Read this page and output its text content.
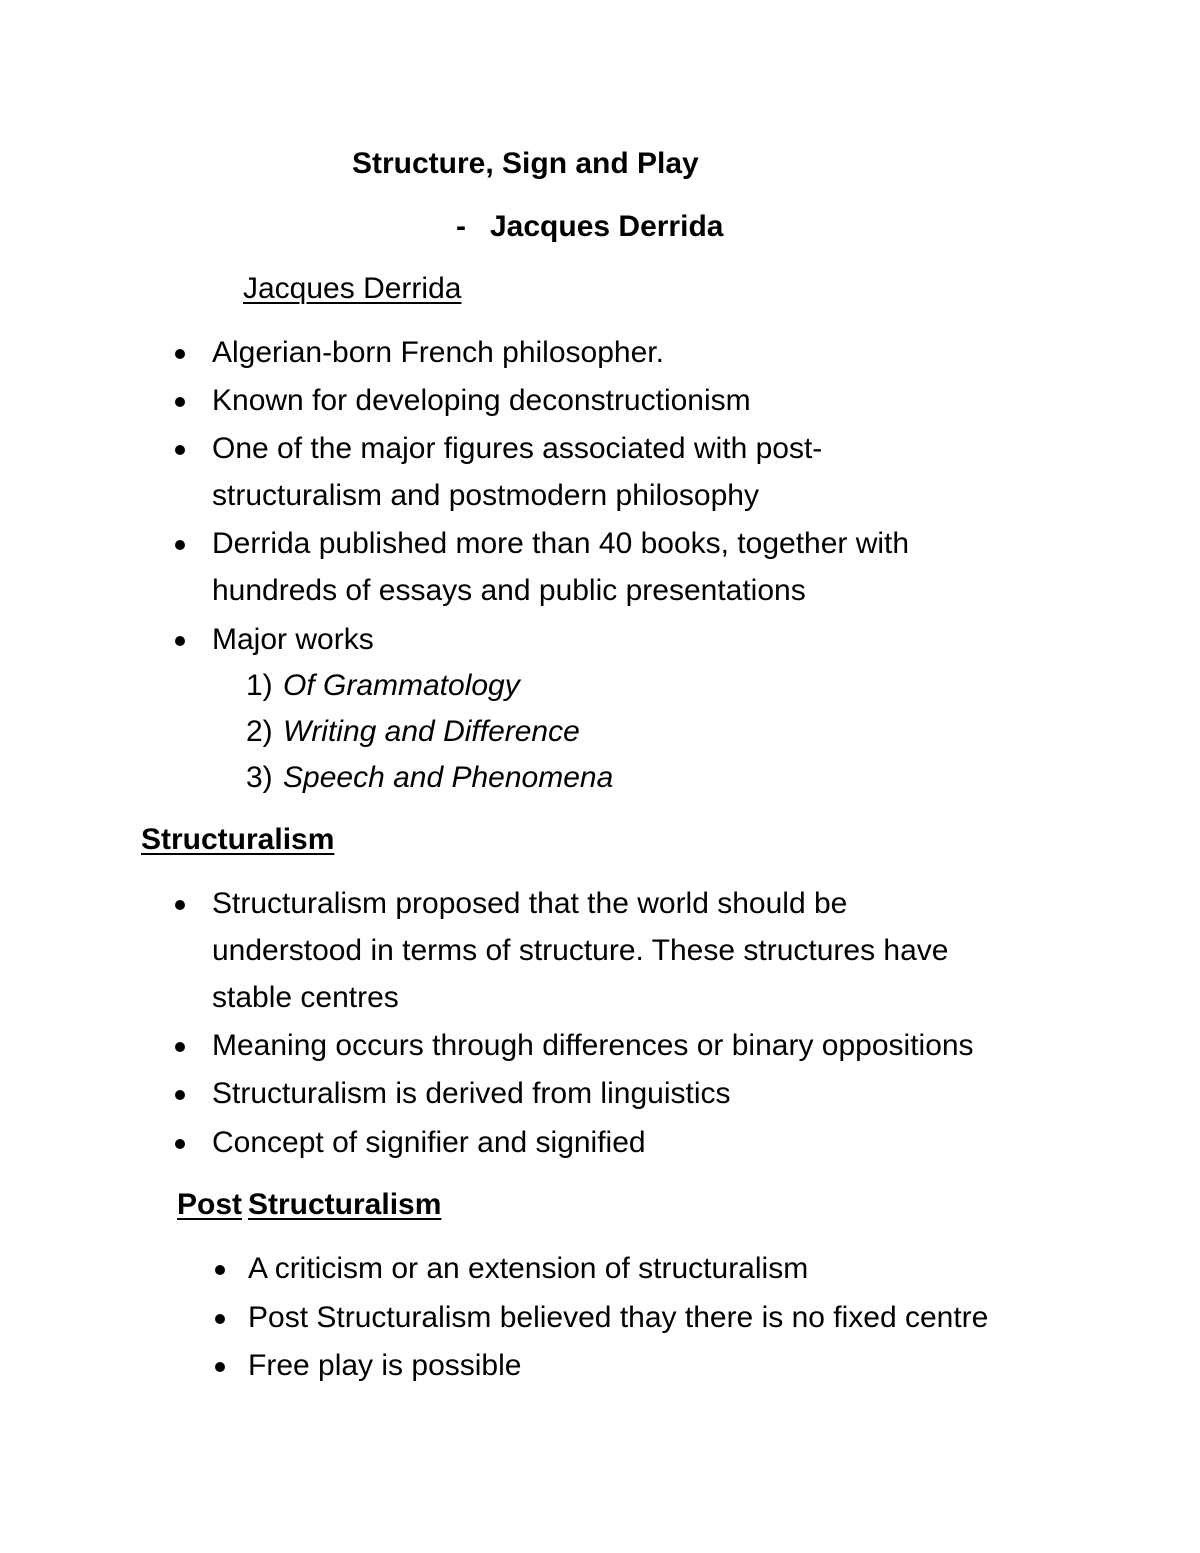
Structure, Sign and Play
- Jacques Derrida
Jacques Derrida
Algerian-born French philosopher.
Known for developing deconstructionism
One of the major figures associated with post-
structuralism and postmodern philosophy
Derrida published more than 40 books, together with
hundreds of essays and public presentations
Major works
1) Of Grammatology
2) Writing and Difference
3) Speech and Phenomena
Structuralism
Structuralism proposed that the world should be
understood in terms of structure. These structures have
stable centres
Meaning occurs through differences or binary oppositions
Structuralism is derived from linguistics
Concept of signifier and signified
Post Structuralism
A criticism or an extension of structuralism
Post Structuralism believed thay there is no fixed centre
Free play is possible
